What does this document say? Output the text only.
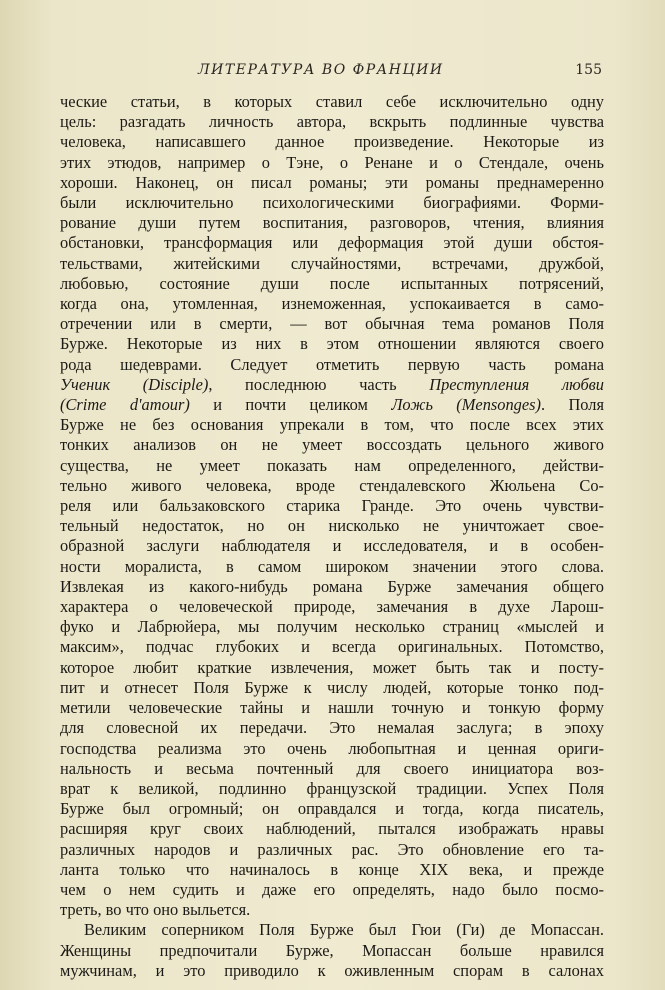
ЛИТЕРАТУРА ВО ФРАНЦИИ	155

ческие статьи, в которых ставил себе исключительно одну

цель: разгадать личность автора, вскрыть подлинные чувства

человека, написавшего данное произведение. Некоторые из

этих этюдов, например о Тэне, о Ренане и о Стендале, очень

хороши. Наконец, он писал романы; эти романы преднамеренно

были исключительно психологическими биографиями. Форми-

рование души путем воспитания, разговоров, чтения, влияния

обстановки, трансформация или деформация этой души обстоя-

тельствами, житейскими случайностями, встречами, дружбой,

любовью, состояние души после испытанных потрясений,

когда она, утомленная, изнеможенная, успокаивается в само-

отречении или в смерти, — вот обычная тема романов Поля

Бурже. Некоторые из них в этом отношении являются своего

рода шедеврами. Следует отметить первую часть романа

Ученик (Disciple), последнюю часть Преступления любви

(Crime d'amour) и почти целиком Ложь (Mensonges). Поля

Бурже не без основания упрекали в том, что после всех этих

тонких анализов он не умеет воссоздать цельного живого

существа, не умеет показать нам определенного, действи-

тельно живого человека, вроде стендалевского Жюльена Со-

реля или бальзаковского старика Гранде. Это очень чувстви-

тельный недостаток, но он нисколько не уничтожает свое-

образной заслуги наблюдателя и исследователя, и в особен-

ности моралиста, в самом широком значении этого слова.

Извлекая из какого-нибудь романа Бурже замечания общего

характера о человеческой природе, замечания в духе Ларош-

фуко и Лабрюйера, мы получим несколько страниц «мыслей и

максим», подчас глубоких и всегда оригинальных. Потомство,

которое любит краткие извлечения, может быть так и посту-

пит и отнесет Поля Бурже к числу людей, которые тонко под-

метили человеческие тайны и нашли точную и тонкую форму

для словесной их передачи. Это немалая заслуга; в эпоху

господства реализма это очень любопытная и ценная ориги-

нальность и весьма почтенный для своего инициатора воз-

врат к великой, подлинно французской традиции. Успех Поля

Бурже был огромный; он оправдался и тогда, когда писатель,

расширяя круг своих наблюдений, пытался изображать нравы

различных народов и различных рас. Это обновление его та-

ланта только что начиналось в конце XIX века, и прежде

чем о нем судить и даже его определять, надо было посмо-

треть, во что оно выльется.

Великим соперником Поля Бурже был Гюи (Ги) де Мопассан.

Женщины предпочитали Бурже, Мопассан больше нравился

мужчинам, и это приводило к оживленным спорам в салонах
